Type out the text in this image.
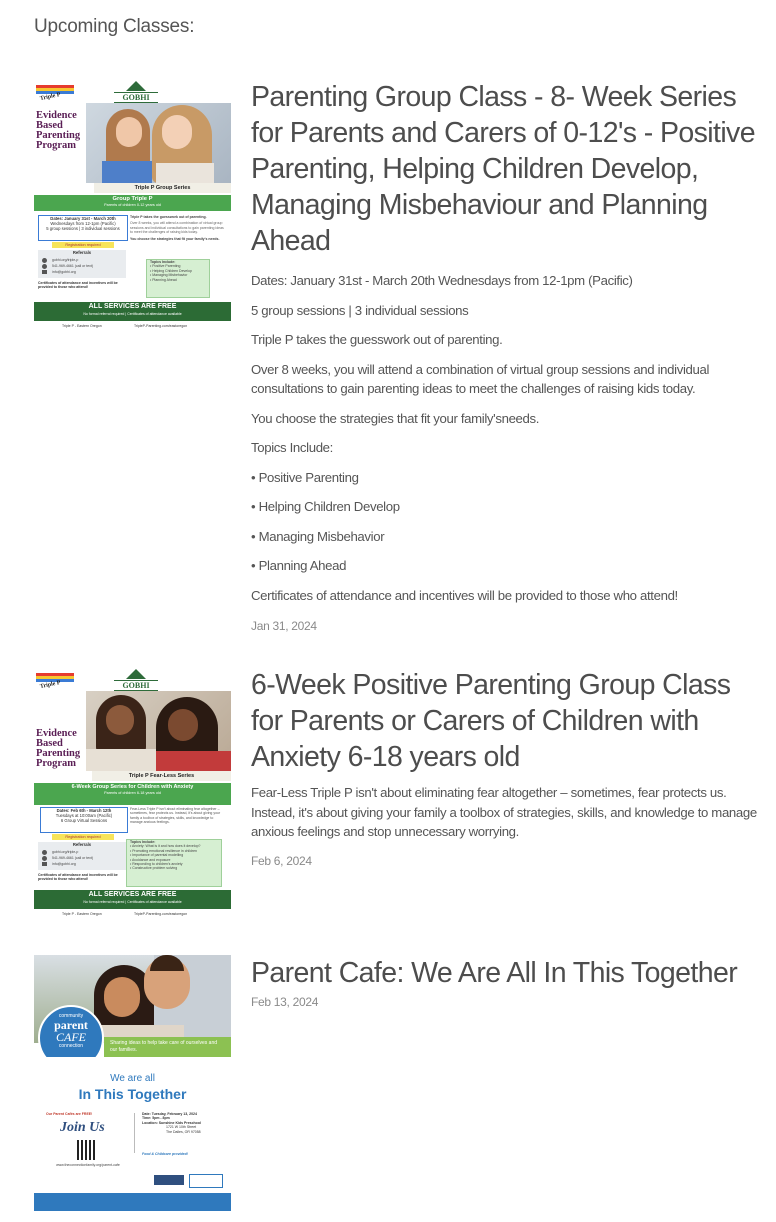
Upcoming Classes:
Triple P	GOBHI
Evidence Based Parenting Program
Triple P Group Series
Group Triple P
Parents of children 0-12 years old
Dates: January 31st - March 20th
Wednesdays from 12-1pm (Pacific)
5 group sessions | 3 individual sessions
Registration required
Referrals
gobhi.org/triple-p
541-969-4661 (call or text)
info@gobhi.org
Certificates of attendance and incentives will be provided to those who attend!
Triple P takes the guesswork out of parenting.
Over 8 weeks, you will attend a combination of virtual group sessions and individual consultations to gain parenting ideas to meet the challenges of raising kids today.
You choose the strategies that fit your family's needs.
Topics Include:
• Positive Parenting
• Helping Children Develop
• Managing Misbehavior
• Planning Ahead
ALL SERVICES ARE FREE
No formal referral required | Certificates of attendance available
Triple P - Eastern Oregon	TripleP-Parenting.com/eastoregon
Parenting Group Class - 8- Week Series for Parents and Carers of 0-12's - Positive Parenting, Helping Children Develop, Managing Misbehaviour and Planning Ahead
Dates: January 31st - March 20th Wednesdays from 12-1pm (Pacific)
5 group sessions | 3 individual sessions
Triple P takes the guesswork out of parenting.
Over 8 weeks, you will attend a combination of virtual group sessions and individual consultations to gain parenting ideas to meet the challenges of raising kids today.
You choose the strategies that fit your family'sneeds.
Topics Include:
• Positive Parenting
• Helping Children Develop
• Managing Misbehavior
• Planning Ahead
Certificates of attendance and incentives will be provided to those who attend!
Jan 31, 2024
Triple P	GOBHI
Evidence Based Parenting Program
Triple P Fear-Less Series
6-Week Group Series for Children with Anxiety
Parents of children 6-18 years old
Dates: Feb 6th - March 12th
Tuesdays at 10:00am (Pacific)
6 Group Virtual Sessions
Registration required
Referrals
gobhi.org/triple-p
541-969-4661 (call or text)
info@gobhi.org
Certificates of attendance and incentives will be provided to those who attend!
Fear-Less Triple P isn't about eliminating fear altogether – sometimes, fear protects us. Instead, it's about giving your family a toolbox of strategies, skills, and knowledge to manage anxious feelings.
Topics Include:
• Anxiety: What is it and how does it develop?
• Promoting emotional resilience in children
• Importance of parental modelling
• Avoidance and exposure
• Responding to children's anxiety
• Constructive problem solving
ALL SERVICES ARE FREE
No formal referral required | Certificates of attendance available
Triple P - Eastern Oregon	TripleP-Parenting.com/eastoregon
6-Week Positive Parenting Group Class for Parents or Carers of Children with Anxiety 6-18 years old
Fear-Less Triple P isn't about eliminating fear altogether – sometimes, fear protects us. Instead, it's about giving your family a toolbox of strategies, skills, and knowledge to manage anxious feelings and stop unnecessary worrying.
Feb 6, 2024
community
parent
CAFE
connection	Sharing ideas to help take care of ourselves and our families.
We are all
In This Together
Our Parent Cafés are FREE!
Join Us
www.theconnectionfamily.org/parent-cafe
Date: Tuesday, February 13, 2024
Time: 5pm - 8pm
Location: Sunshine Kids Preschool
1721 W 10th Street
The Dalles, OR 97058
Food & Childcare provided!
Parent Cafe: We Are All In This Together
Feb 13, 2024
